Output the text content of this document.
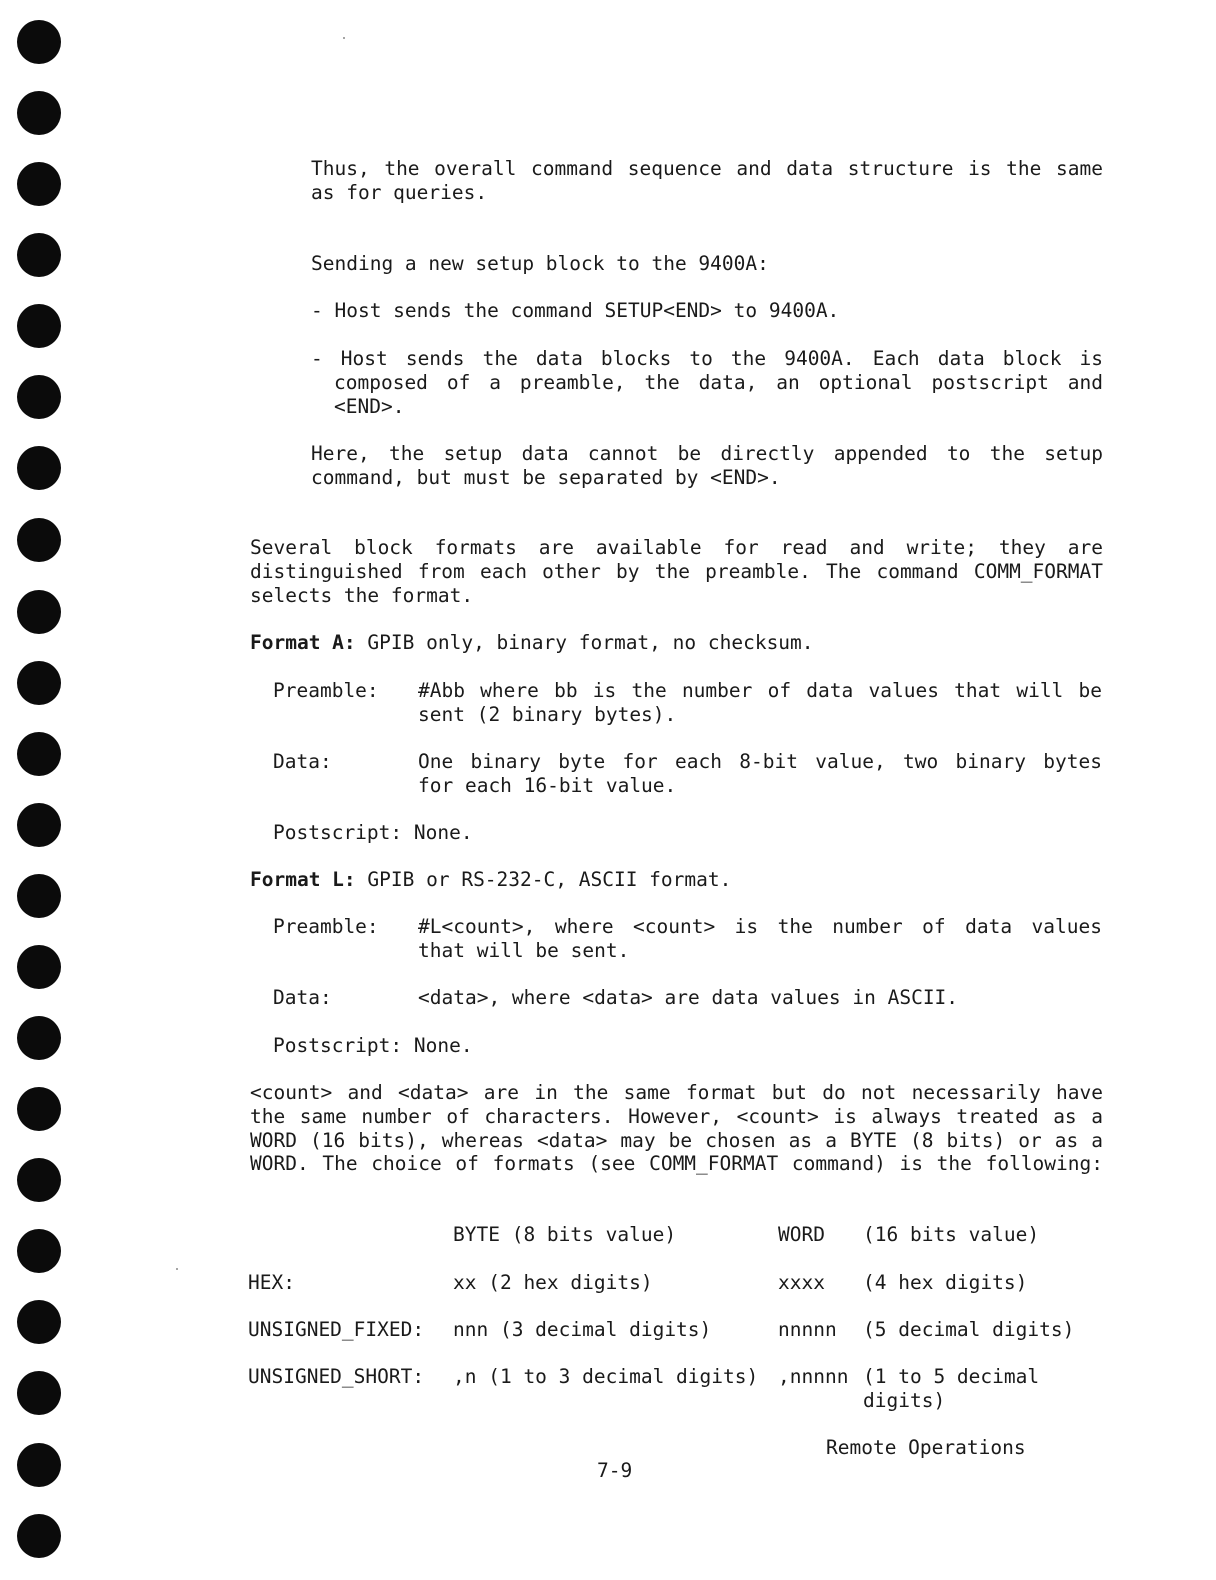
Thus, the overall command sequence and data structure is the same
as for queries.
Sending a new setup block to the 9400A:
- Host sends the command SETUP<END> to 9400A.
- Host sends the data blocks to the 9400A. Each data block is
composed of a preamble, the data, an optional postscript and
<END>.
Here, the setup data cannot be directly appended to the setup
command, but must be separated by <END>.
Several block formats are available for read and write; they are
distinguished from each other by the preamble. The command COMM_FORMAT
selects the format.
Format A: GPIB only, binary format, no checksum.
Preamble: #Abb where bb is the number of data values that will be
sent (2 binary bytes).
Data:	One binary byte for each 8-bit value, two binary bytes
for each 16-bit value.
Postscript: None.
Format L: GPIB or RS-232-C, ASCII format.
Preamble: #L<count>, where <count> is the number of data values
that will be sent.
Data:	<data>, where <data> are data values in ASCII.
Postscript: None.
<count> and <data> are in the same format but do not necessarily have
the same number of characters. However, <count> is always treated as a
WORD (16 bits), whereas <data> may be chosen as a BYTE (8 bits) or as a
WORD. The choice of formats (see COMM_FORMAT command) is the following:
BYTE (8 bits value)	WORD (16 bits value)
HEX:	xx (2 hex digits)	xxxx (4 hex digits)
UNSIGNED_FIXED: nnn (3 decimal digits)	nnnnn (5 decimal digits)
UNSIGNED_SHORT: ,n (1 to 3 decimal digits) ,nnnnn (1 to 5 decimal
digits)
Remote Operations
7-9
